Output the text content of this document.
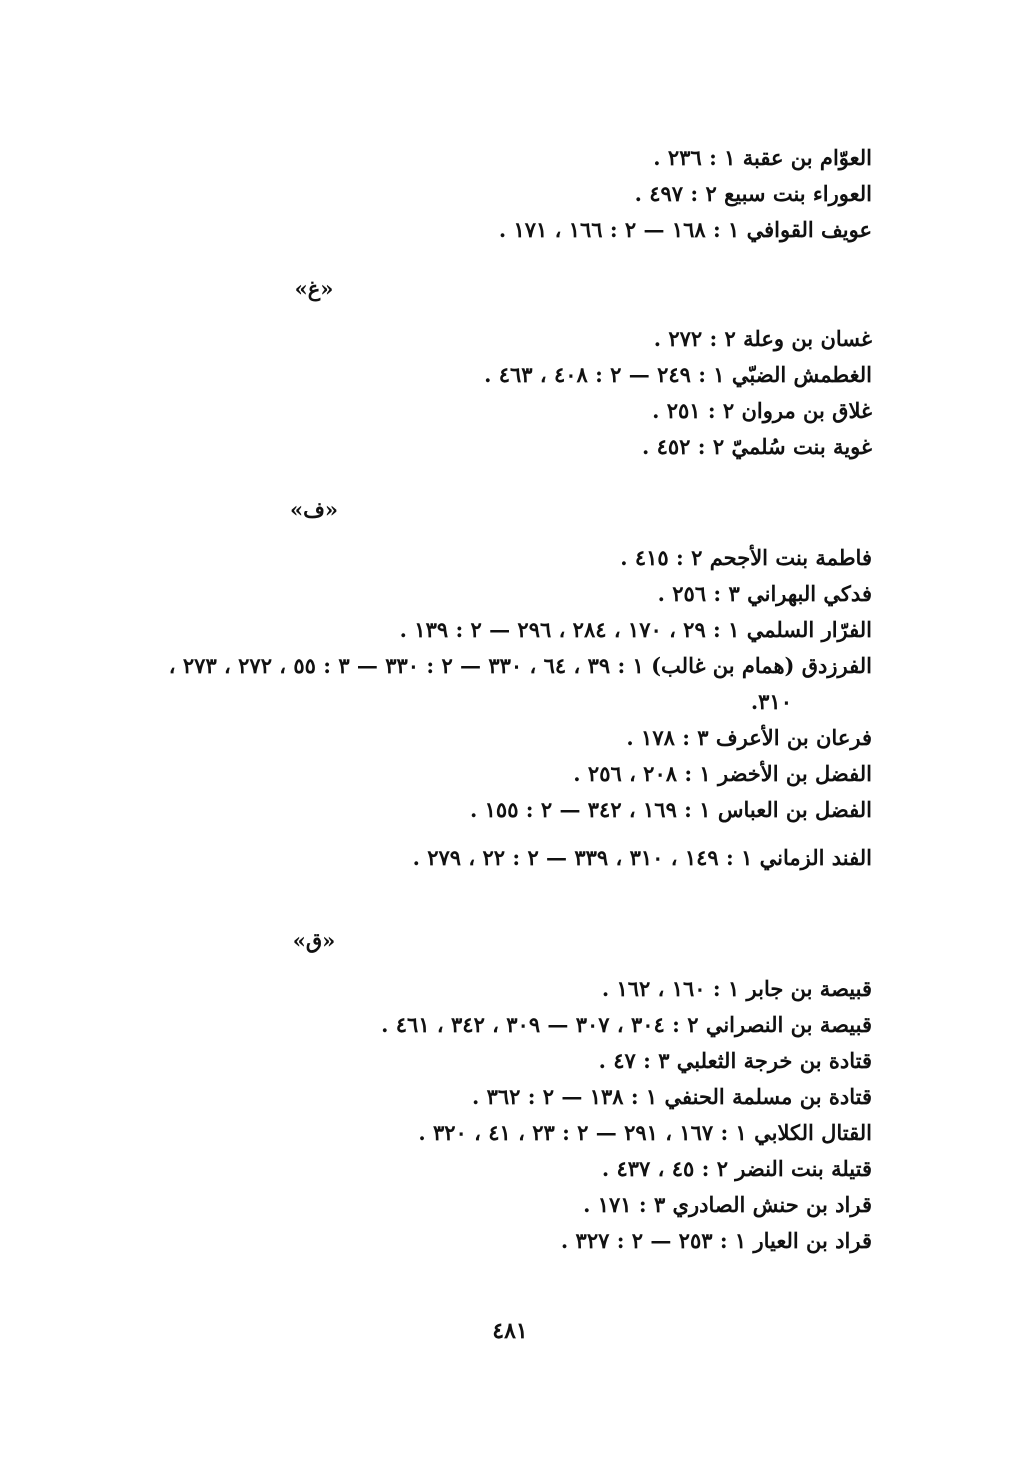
العوّام بن عقبة ١ : ٢٣٦ .

العوراء بنت سبيع ٢ : ٤٩٧ .

عويف القوافي ١ : ١٦٨ — ٢ : ١٦٦ ، ١٧١ .

«غ»

غسان بن وعلة ٢ : ٢٧٢ .

الغطمش الضبّي ١ : ٢٤٩ — ٢ : ٤٠٨ ، ٤٦٣ .

غلاق بن مروان ٢ : ٢٥١ .

غوية بنت سُلميّ ٢ : ٤٥٢ .

«ف»

فاطمة بنت الأجحم ٢ : ٤١٥ .

فدكي البهراني ٣ : ٢٥٦ .

الفرّار السلمي ١ : ٢٩ ، ١٧٠ ، ٢٨٤ ، ٢٩٦ — ٢ : ١٣٩ .

الفرزدق (همام بن غالب) ١ : ٣٩ ، ٦٤ ، ٣٣٠ — ٢ : ٣٣٠ — ٣ : ٥٥ ، ٢٧٢ ، ٢٧٣ ،

٣١٠.

فرعان بن الأعرف ٣ : ١٧٨ .

الفضل بن الأخضر ١ : ٢٠٨ ، ٢٥٦ .

الفضل بن العباس ١ : ١٦٩ ، ٣٤٢ — ٢ : ١٥٥ .

الفند الزماني ١ : ١٤٩ ، ٣١٠ ، ٣٣٩ — ٢ : ٢٢ ، ٢٧٩ .

«ق»

قبيصة بن جابر ١ : ١٦٠ ، ١٦٢ .

قبيصة بن النصراني ٢ : ٣٠٤ ، ٣٠٧ — ٣٠٩ ، ٣٤٢ ، ٤٦١ .

قتادة بن خرجة الثعلبي ٣ : ٤٧ .

قتادة بن مسلمة الحنفي ١ : ١٣٨ — ٢ : ٣٦٢ .

القتال الكلابي ١ : ١٦٧ ، ٢٩١ — ٢ : ٢٣ ، ٤١ ، ٣٢٠ .

قتيلة بنت النضر ٢ : ٤٥ ، ٤٣٧ .

قراد بن حنش الصادري ٣ : ١٧١ .

قراد بن العيار ١ : ٢٥٣ — ٢ : ٣٢٧ .

٤٨١
